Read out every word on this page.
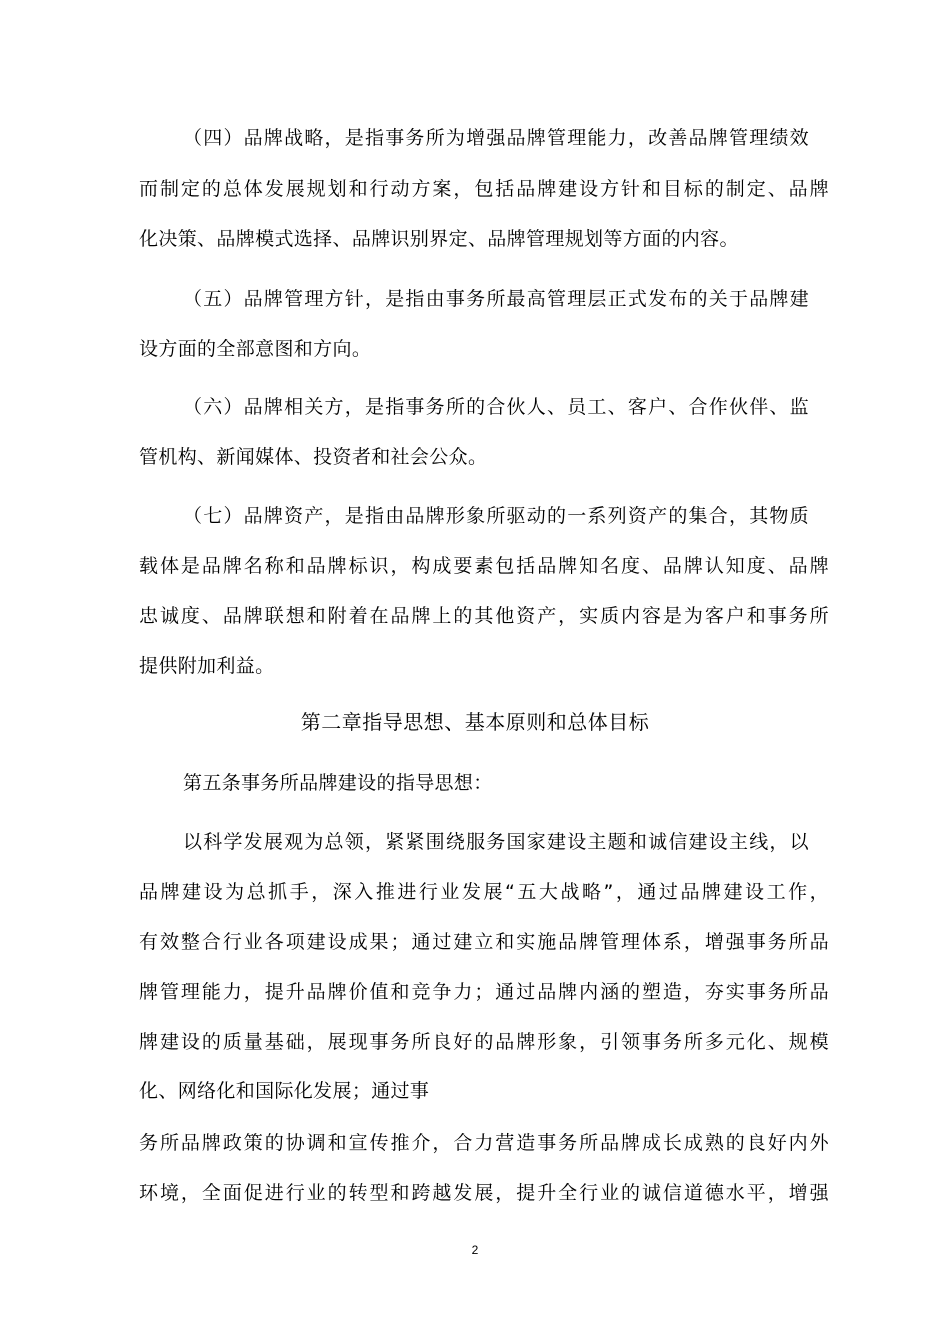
（四）品牌战略，是指事务所为增强品牌管理能力，改善品牌管理绩效
而制定的总体发展规划和行动方案，包括品牌建设方针和目标的制定、品牌
化决策、品牌模式选择、品牌识别界定、品牌管理规划等方面的内容。
（五）品牌管理方针，是指由事务所最高管理层正式发布的关于品牌建
设方面的全部意图和方向。
（六）品牌相关方，是指事务所的合伙人、员工、客户、合作伙伴、监
管机构、新闻媒体、投资者和社会公众。
（七）品牌资产，是指由品牌形象所驱动的一系列资产的集合，其物质
载体是品牌名称和品牌标识，构成要素包括品牌知名度、品牌认知度、品牌
忠诚度、品牌联想和附着在品牌上的其他资产，实质内容是为客户和事务所
提供附加利益。
第二章指导思想、基本原则和总体目标
第五条事务所品牌建设的指导思想：
以科学发展观为总领，紧紧围绕服务国家建设主题和诚信建设主线，以
品牌建设为总抓手，深入推进行业发展“五大战略”，通过品牌建设工作，
有效整合行业各项建设成果；通过建立和实施品牌管理体系，增强事务所品
牌管理能力，提升品牌价值和竞争力；通过品牌内涵的塑造，夯实事务所品
牌建设的质量基础，展现事务所良好的品牌形象，引领事务所多元化、规模
化、网络化和国际化发展；通过事
务所品牌政策的协调和宣传推介，合力营造事务所品牌成长成熟的良好内外
环境，全面促进行业的转型和跨越发展，提升全行业的诚信道德水平，增强
2
